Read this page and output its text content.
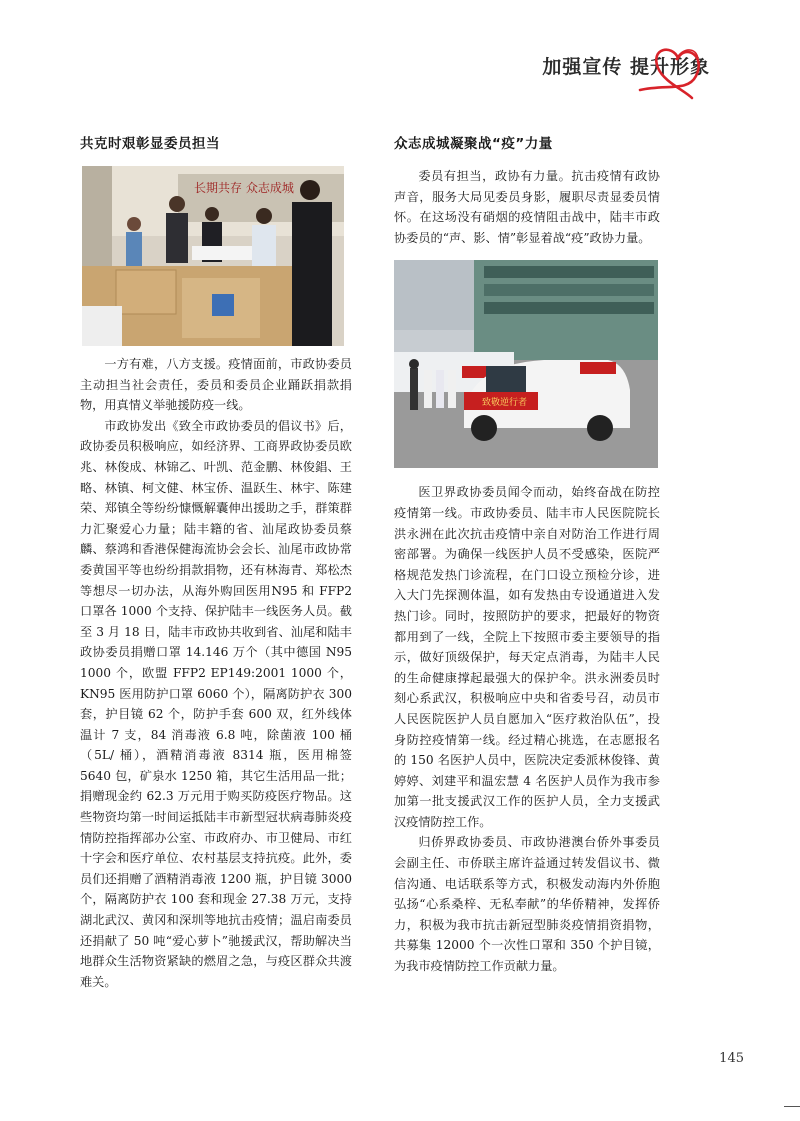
加强宣传 提升形象
共克时艰彰显委员担当
长期共存 众志成城

一方有难，八方支援。疫情面前，市政协委员主动担当社会责任，委员和委员企业踊跃捐款捐物，用真情义举驰援防疫一线。

市政协发出《致全市政协委员的倡议书》后，政协委员积极响应，如经济界、工商界政协委员欧兆、林俊成、林锦乙、叶凯、范金鹏、林俊錩、王略、林镇、柯文健、林宝侨、温跃生、林宇、陈建荣、郑镇全等纷纷慷慨解囊伸出援助之手，群策群力汇聚爱心力量；陆丰籍的省、汕尾政协委员蔡麟、蔡鸿和香港保健海流协会会长、汕尾市政协常委黄国平等也纷纷捐款捐物，还有林海青、郑松杰等想尽一切办法，从海外购回医用N95 和 FFP2 口罩各 1000 个支持、保护陆丰一线医务人员。截至 3 月 18 日，陆丰市政协共收到省、汕尾和陆丰政协委员捐赠口罩 14.146 万个（其中德国 N95 1000 个，欧盟 FFP2 EP149:2001 1000 个，KN95 医用防护口罩 6060 个），隔离防护衣 300 套，护目镜 62 个，防护手套 600 双，红外线体温计 7 支，84 消毒液 6.8 吨，除菌液 100 桶（5L/ 桶），酒精消毒液 8314 瓶，医用棉签 5640 包，矿泉水 1250 箱，其它生活用品一批；捐赠现金约 62.3 万元用于购买防疫医疗物品。这些物资均第一时间运抵陆丰市新型冠状病毒肺炎疫情防控指挥部办公室、市政府办、市卫健局、市红十字会和医疗单位、农村基层支持抗疫。此外，委员们还捐赠了酒精消毒液 1200 瓶，护目镜 3000 个，隔离防护衣 100 套和现金 27.38 万元，支持湖北武汉、黄冈和深圳等地抗击疫情；温启南委员还捐献了 50 吨“爱心萝卜”驰援武汉，帮助解决当地群众生活物资紧缺的燃眉之急，与疫区群众共渡难关。

众志成城凝聚战“疫”力量

委员有担当，政协有力量。抗击疫情有政协声音，服务大局见委员身影，履职尽责显委员情怀。在这场没有硝烟的疫情阻击战中，陆丰市政协委员的“声、影、情”彰显着战“疫”政协力量。

致敬逆行者

医卫界政协委员闻令而动，始终奋战在防控疫情第一线。市政协委员、陆丰市人民医院院长洪永洲在此次抗击疫情中亲自对防治工作进行周密部署。为确保一线医护人员不受感染，医院严格规范发热门诊流程，在门口设立预检分诊，进入大门先探测体温，如有发热由专设通道进入发热门诊。同时，按照防护的要求，把最好的物资都用到了一线，全院上下按照市委主要领导的指示，做好顶级保护，每天定点消毒，为陆丰人民的生命健康撑起最强大的保护伞。洪永洲委员时刻心系武汉，积极响应中央和省委号召，动员市人民医院医护人员自愿加入“医疗救治队伍”，投身防控疫情第一线。经过精心挑选，在志愿报名的 150 名医护人员中，医院决定委派林俊锋、黄婷婷、刘建平和温宏慧 4 名医护人员作为我市参加第一批支援武汉工作的医护人员，全力支援武汉疫情防控工作。

归侨界政协委员、市政协港澳台侨外事委员会副主任、市侨联主席许益通过转发倡议书、微信沟通、电话联系等方式，积极发动海内外侨胞弘扬“心系桑梓、无私奉献”的华侨精神，发挥侨力，积极为我市抗击新冠型肺炎疫情捐资捐物，共募集 12000 个一次性口罩和 350 个护目镜，为我市疫情防控工作贡献力量。

145
